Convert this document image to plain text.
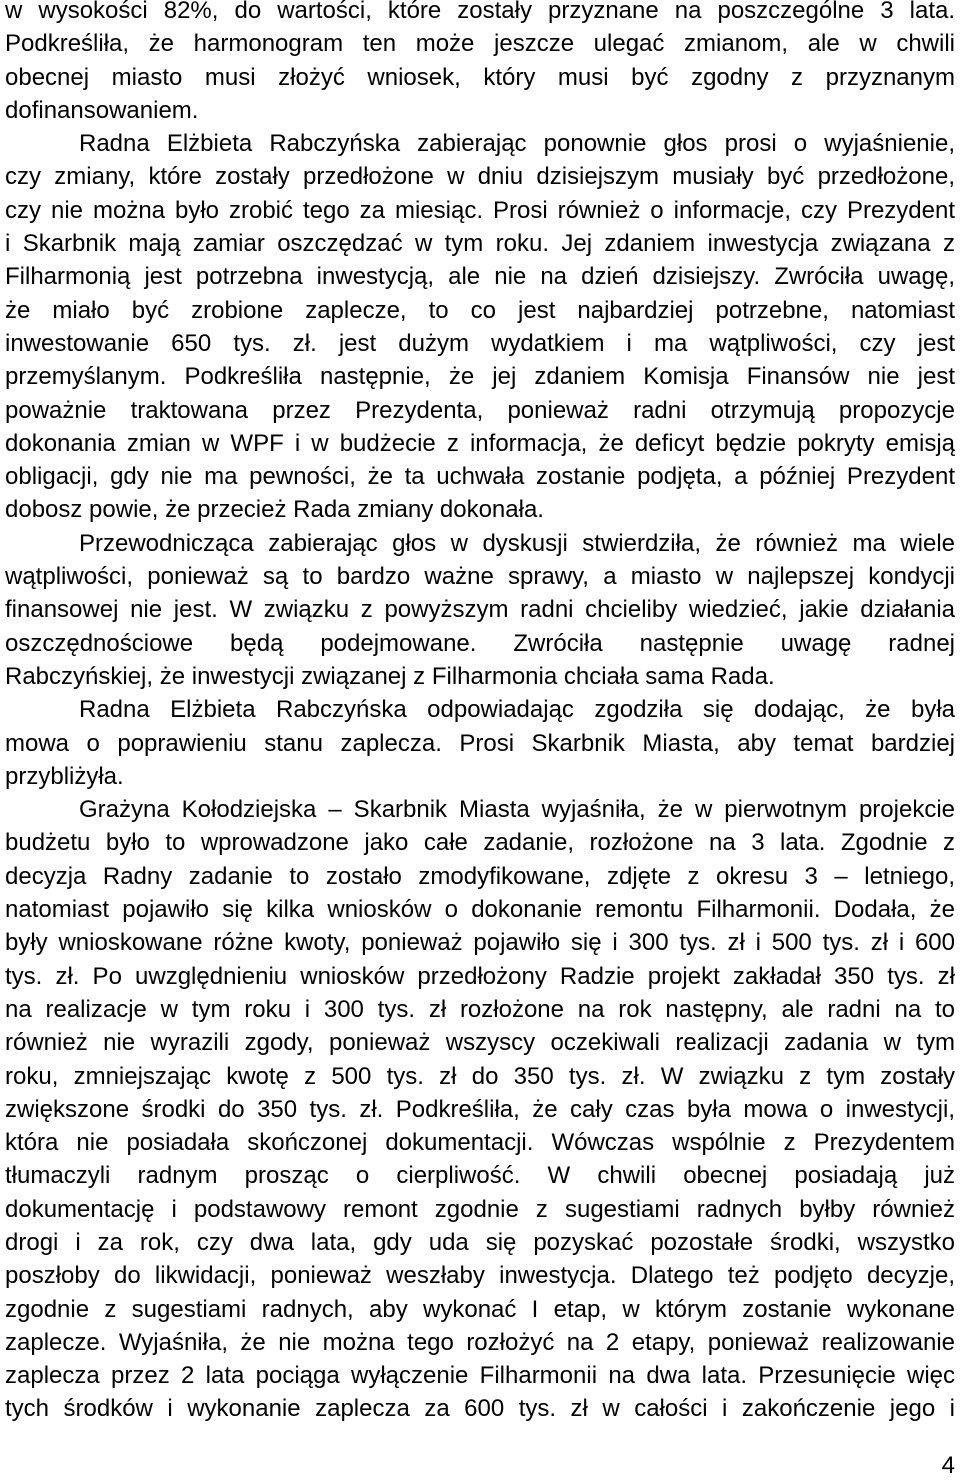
w wysokości 82%, do wartości, które zostały przyznane na poszczególne 3 lata.
Podkreśliła, że harmonogram ten może jeszcze ulegać zmianom, ale w chwili
obecnej miasto musi złożyć wniosek, który musi być zgodny z przyznanym
dofinansowaniem.
Radna Elżbieta Rabczyńska zabierając ponownie głos prosi o wyjaśnienie,
czy zmiany, które zostały przedłożone w dniu dzisiejszym musiały być przedłożone,
czy nie można było zrobić tego za miesiąc. Prosi również o informacje, czy Prezydent
i Skarbnik mają zamiar oszczędzać w tym roku. Jej zdaniem inwestycja związana z
Filharmonią jest potrzebna inwestycją, ale nie na dzień dzisiejszy. Zwróciła uwagę,
że miało być zrobione zaplecze, to co jest najbardziej potrzebne, natomiast
inwestowanie 650 tys. zł. jest dużym wydatkiem i ma wątpliwości, czy jest
przemyślanym. Podkreśliła następnie, że jej zdaniem Komisja Finansów nie jest
poważnie traktowana przez Prezydenta, ponieważ radni otrzymują propozycje
dokonania zmian w WPF i w budżecie z informacja, że deficyt będzie pokryty emisją
obligacji, gdy nie ma pewności, że ta uchwała zostanie podjęta, a później Prezydent
dobosz powie, że przecież Rada zmiany dokonała.
Przewodnicząca zabierając głos w dyskusji stwierdziła, że również ma wiele
wątpliwości, ponieważ są to bardzo ważne sprawy, a miasto w najlepszej kondycji
finansowej nie jest. W związku z powyższym radni chcieliby wiedzieć, jakie działania
oszczędnościowe będą podejmowane. Zwróciła następnie uwagę radnej
Rabczyńskiej, że inwestycji związanej z Filharmonia chciała sama Rada.
Radna Elżbieta Rabczyńska odpowiadając zgodziła się dodając, że była
mowa o poprawieniu stanu zaplecza. Prosi Skarbnik Miasta, aby temat bardziej
przybliżyła.
Grażyna Kołodziejska – Skarbnik Miasta wyjaśniła, że w pierwotnym projekcie
budżetu było to wprowadzone jako całe zadanie, rozłożone na 3 lata. Zgodnie z
decyzja Radny zadanie to zostało zmodyfikowane, zdjęte z okresu 3 – letniego,
natomiast pojawiło się kilka wniosków o dokonanie remontu Filharmonii. Dodała, że
były wnioskowane różne kwoty, ponieważ pojawiło się i 300 tys. zł i 500 tys. zł i 600
tys. zł. Po uwzględnieniu wniosków przedłożony Radzie projekt zakładał 350 tys. zł
na realizacje w tym roku i 300 tys. zł rozłożone na rok następny, ale radni na to
również nie wyrazili zgody, ponieważ wszyscy oczekiwali realizacji zadania w tym
roku, zmniejszając kwotę z 500 tys. zł do 350 tys. zł. W związku z tym zostały
zwiększone środki do 350 tys. zł. Podkreśliła, że cały czas była mowa o inwestycji,
która nie posiadała skończonej dokumentacji. Wówczas wspólnie z Prezydentem
tłumaczyli radnym prosząc o cierpliwość. W chwili obecnej posiadają już
dokumentację i podstawowy remont zgodnie z sugestiami radnych byłby również
drogi i za rok, czy dwa lata, gdy uda się pozyskać pozostałe środki, wszystko
poszłoby do likwidacji, ponieważ weszłaby inwestycja. Dlatego też podjęto decyzje,
zgodnie z sugestiami radnych, aby wykonać I etap, w którym zostanie wykonane
zaplecze. Wyjaśniła, że nie można tego rozłożyć na 2 etapy, ponieważ realizowanie
zaplecza przez 2 lata pociąga wyłączenie Filharmonii na dwa lata. Przesunięcie więc
tych środków i wykonanie zaplecza za 600 tys. zł w całości i zakończenie jego i
4
